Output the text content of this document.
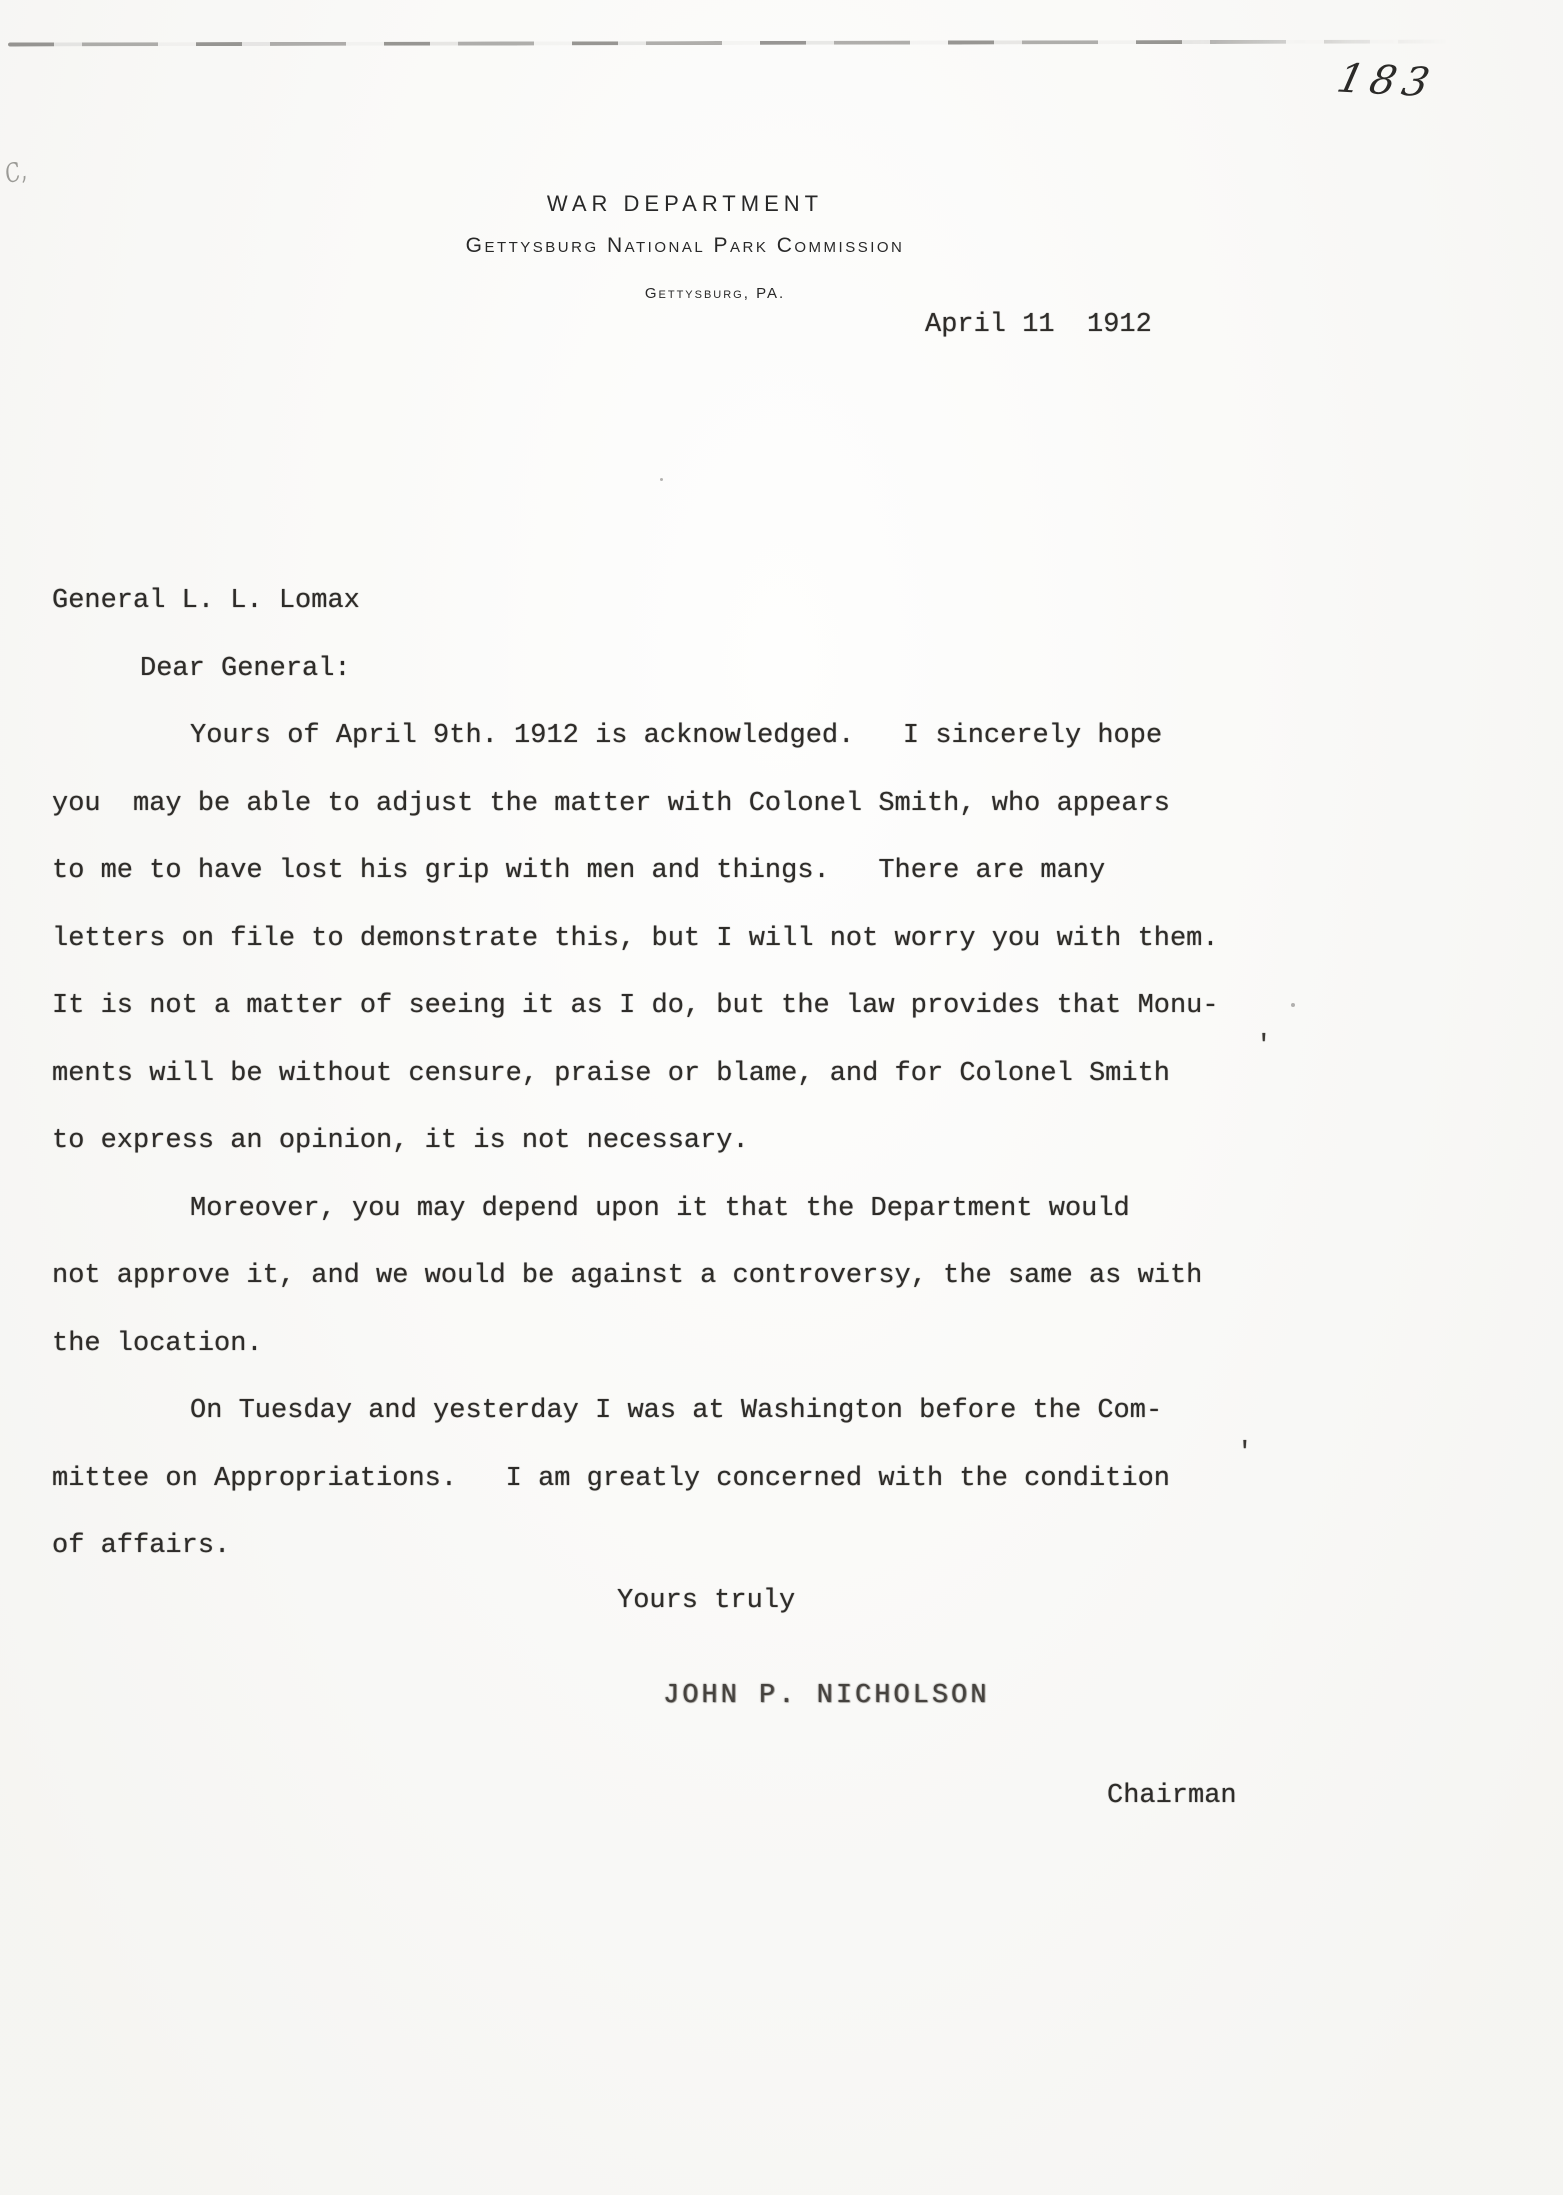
183
C,
WAR DEPARTMENT
Gettysburg National Park Commission
Gettysburg, PA.
April 11  1912
General L. L. Lomax
Dear General:
Yours of April 9th. 1912 is acknowledged.   I sincerely hope
you  may be able to adjust the matter with Colonel Smith, who appears
to me to have lost his grip with men and things.   There are many
letters on file to demonstrate this, but I will not worry you with them.
It is not a matter of seeing it as I do, but the law provides that Monu-
ments will be without censure, praise or blame, and for Colonel Smith
to express an opinion, it is not necessary.
Moreover, you may depend upon it that the Department would
not approve it, and we would be against a controversy, the same as with
the location.
On Tuesday and yesterday I was at Washington before the Com-
mittee on Appropriations.   I am greatly concerned with the condition
of affairs.
Yours truly
JOHN P. NICHOLSON
Chairman
'
'
